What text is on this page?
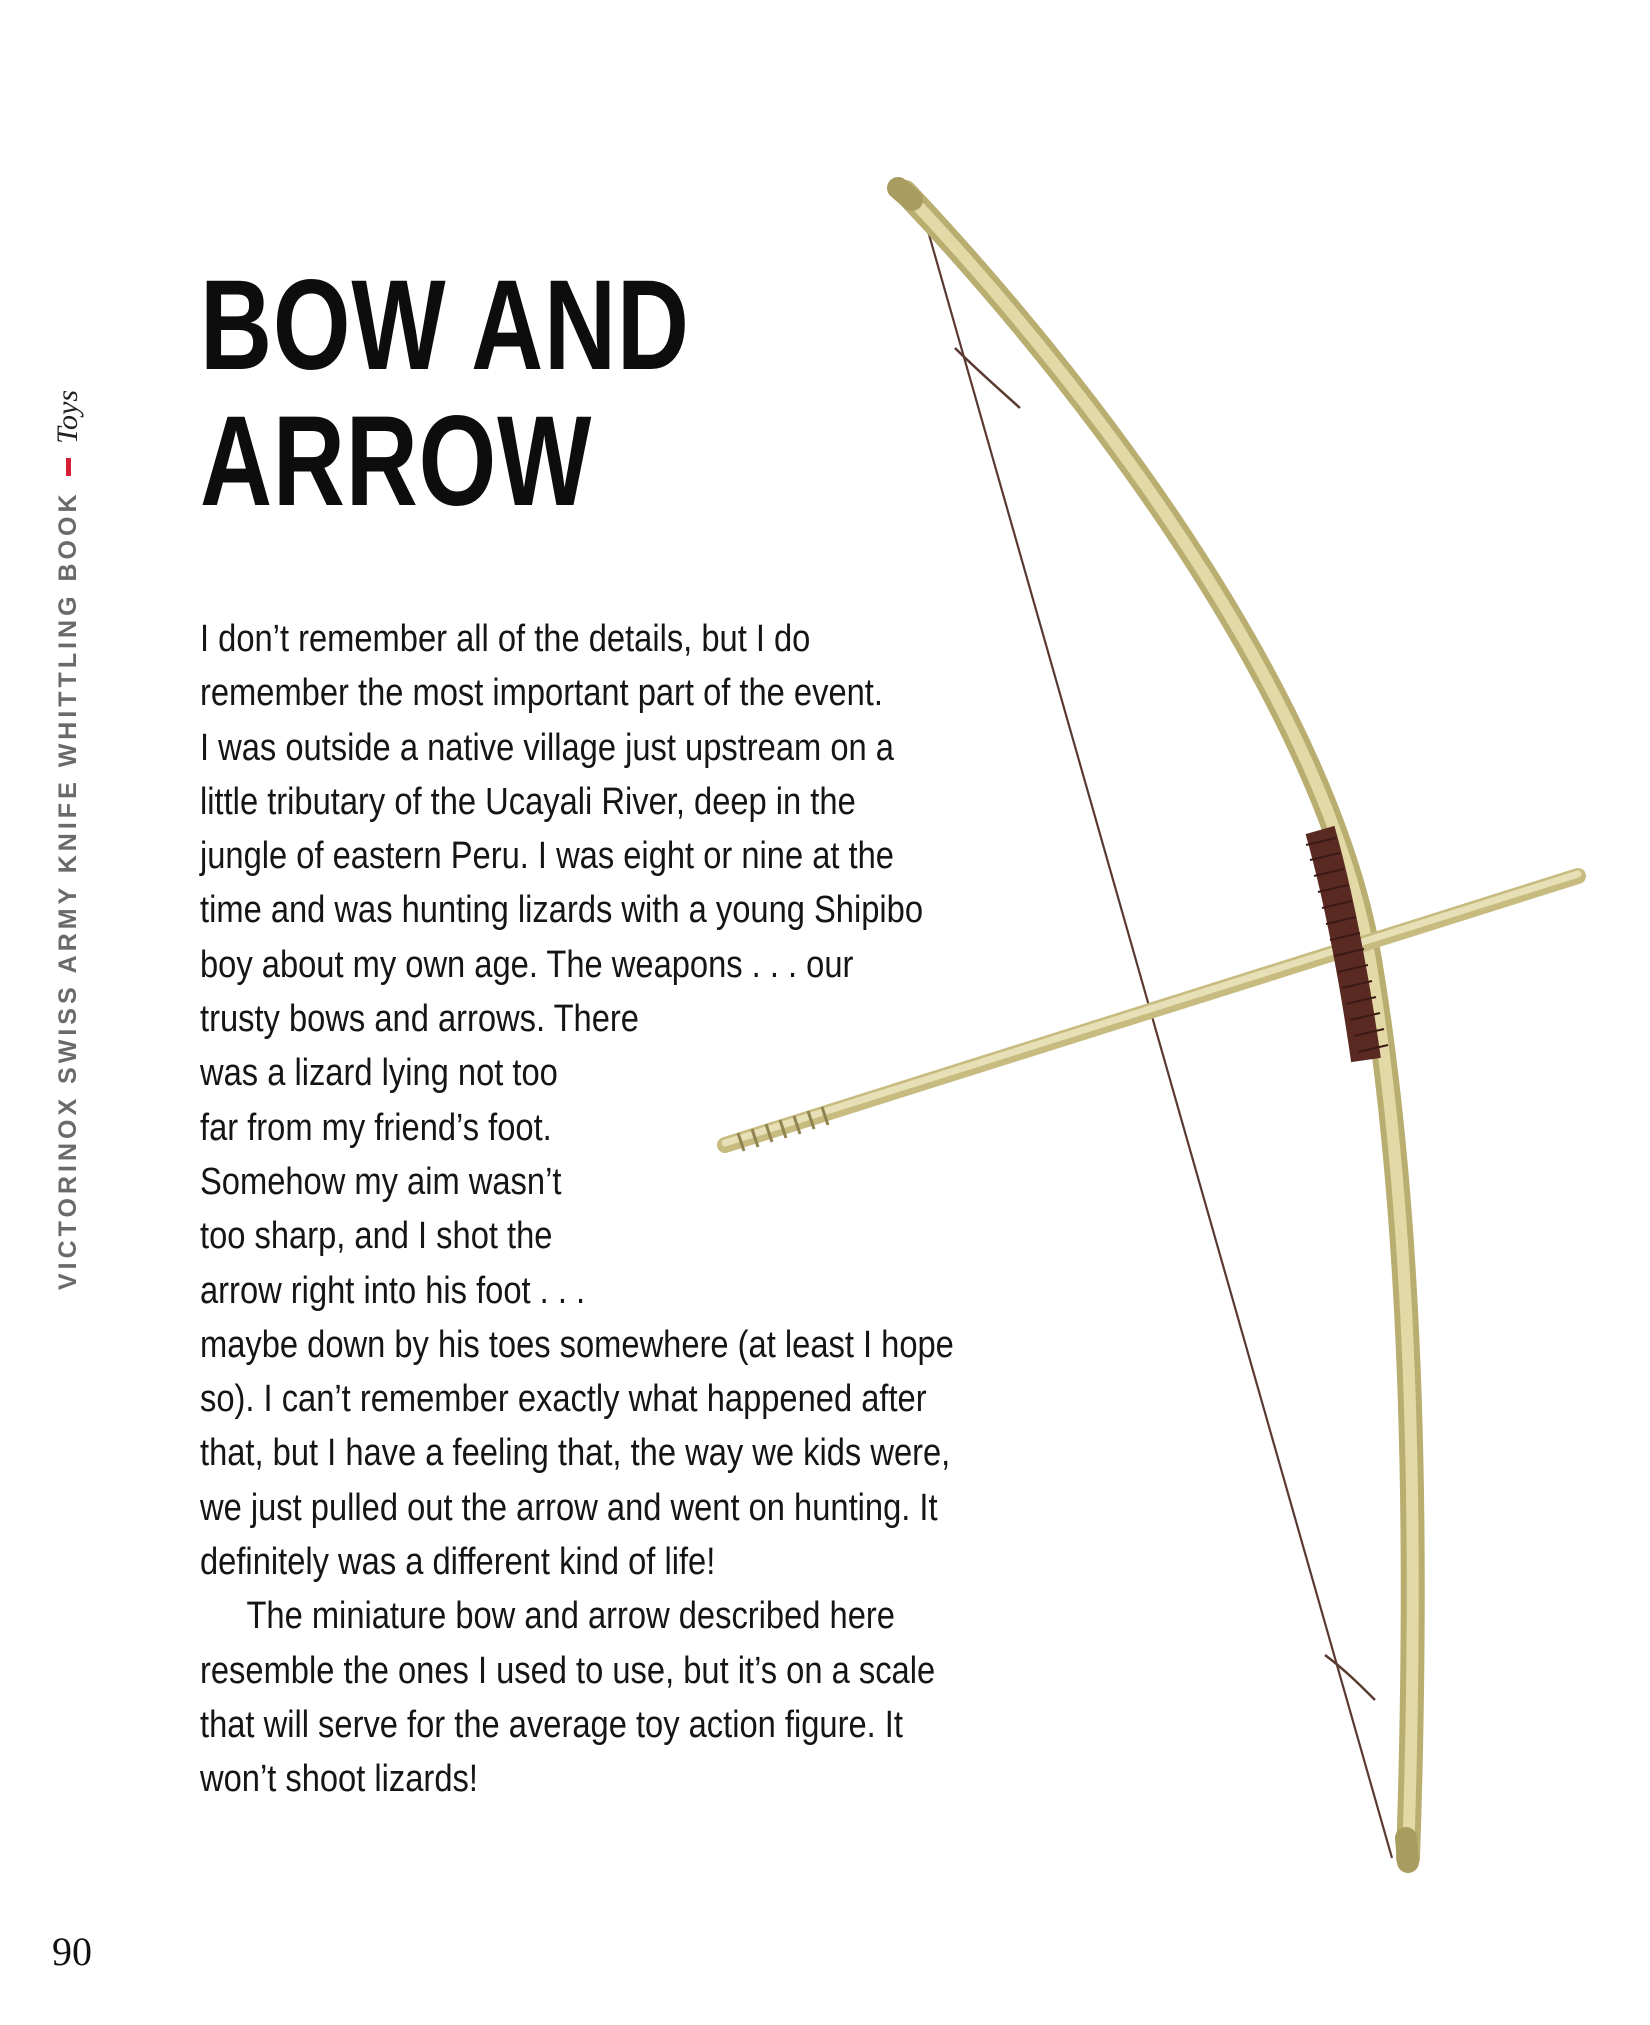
VICTORINOX SWISS ARMY KNIFE WHITTLING BOOK
Toys
BOW AND
ARROW
I don’t remember all of the details, but I do
remember the most important part of the event.
I was outside a native village just upstream on a
little tributary of the Ucayali River, deep in the
jungle of eastern Peru. I was eight or nine at the
time and was hunting lizards with a young Shipibo
boy about my own age. The weapons . . . our
trusty bows and arrows. There
was a lizard lying not too
far from my friend’s foot.
Somehow my aim wasn’t
too sharp, and I shot the
arrow right into his foot . . .
maybe down by his toes somewhere (at least I hope
so). I can’t remember exactly what happened after
that, but I have a feeling that, the way we kids were,
we just pulled out the arrow and went on hunting. It
definitely was a different kind of life!
The miniature bow and arrow described here
resemble the ones I used to use, but it’s on a scale
that will serve for the average toy action figure. It
won’t shoot lizards!
90
